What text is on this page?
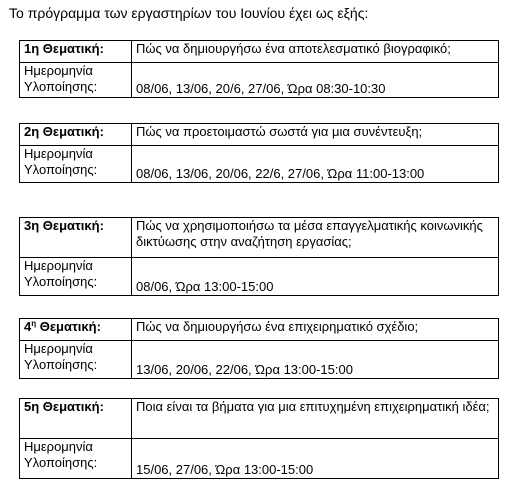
Το πρόγραμμα των εργαστηρίων του Ιουνίου έχει ως εξής:
1η Θεματική:	Πώς να δημιουργήσω ένα αποτελεσματικό βιογραφικό;

Ημερομηνία
Υλοποίησης:	08/06, 13/06, 20/6, 27/06, Ώρα 08:30-10:30
2η Θεματική:	Πώς να προετοιμαστώ σωστά για μια συνέντευξη;

Ημερομηνία
Υλοποίησης:	08/06, 13/06, 20/06, 22/6, 27/06, Ώρα 11:00-13:00
3η Θεματική:	Πώς να χρησιμοποιήσω τα μέσα επαγγελματικής κοινωνικής δικτύωσης στην αναζήτηση εργασίας;

Ημερομηνία
Υλοποίησης:	08/06, Ώρα 13:00-15:00
$4^\eta$ Θεματική:	Πώς να δημιουργήσω ένα επιχειρηματικό σχέδιο;

Ημερομηνία
Υλοποίησης:	13/06, 20/06, 22/06, Ώρα 13:00-15:00
5η Θεματική:	Ποια είναι τα βήματα για μια επιτυχημένη επιχειρηματική ιδέα;

Ημερομηνία
Υλοποίησης:	15/06, 27/06, Ώρα 13:00-15:00
